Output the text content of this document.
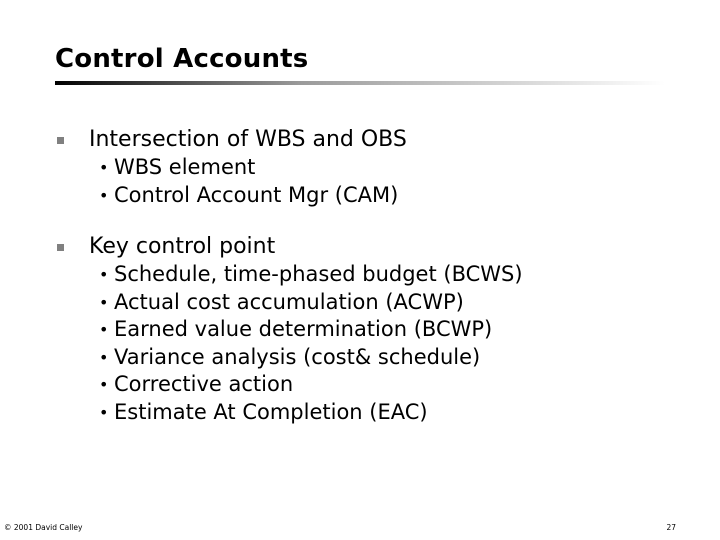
Control Accounts
Intersection of WBS and OBS
• WBS element
• Control Account Mgr (CAM)
Key control point
• Schedule, time-phased budget (BCWS)
• Actual cost accumulation (ACWP)
• Earned value determination (BCWP)
• Variance analysis (cost& schedule)
• Corrective action
• Estimate At Completion (EAC)
© 2001 David Calley	27
